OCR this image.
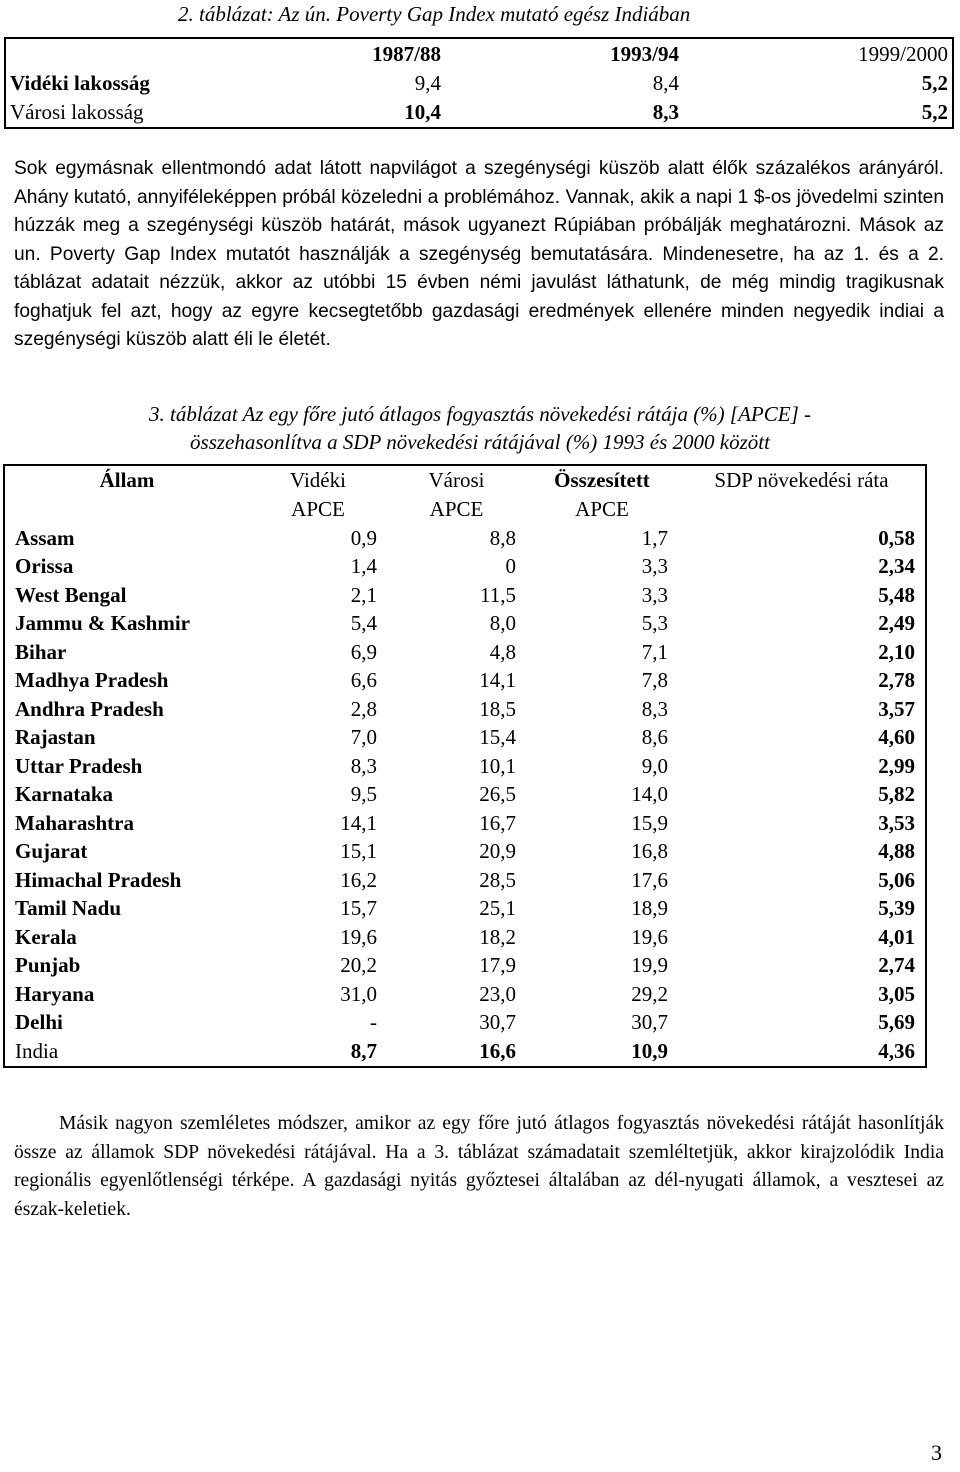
2. táblázat: Az ún. Poverty Gap Index mutató egész Indiában
	1987/88	1993/94	1999/2000
Vidéki lakosság	9,4	8,4	5,2
Városi lakosság	10,4	8,3	5,2
Sok egymásnak ellentmondó adat látott napvilágot a szegénységi küszöb alatt élők százalékos arányáról. Ahány kutató, annyiféleképpen próbál közeledni a problémához. Vannak, akik a napi 1 $-os jövedelmi szinten húzzák meg a szegénységi küszöb határát, mások ugyanezt Rúpiában próbálják meghatározni. Mások az un. Poverty Gap Index mutatót használják a szegénység bemutatására. Mindenesetre, ha az 1. és a 2. táblázat adatait nézzük, akkor az utóbbi 15 évben némi javulást láthatunk, de még mindig tragikusnak foghatjuk fel azt, hogy az egyre kecsegtetőbb gazdasági eredmények ellenére minden negyedik indiai a szegénységi küszöb alatt éli le életét.
3. táblázat Az egy főre jutó átlagos fogyasztás növekedési rátája (%) [APCE] -
összehasonlítva a SDP növekedési rátájával (%) 1993 és 2000 között
Állam	Vidéki	Városi	Összesített	SDP növekedési ráta
	APCE	APCE	APCE	
Assam	0,9	8,8	1,7	0,58
Orissa	1,4	0	3,3	2,34
West Bengal	2,1	11,5	3,3	5,48
Jammu & Kashmir	5,4	8,0	5,3	2,49
Bihar	6,9	4,8	7,1	2,10
Madhya Pradesh	6,6	14,1	7,8	2,78
Andhra Pradesh	2,8	18,5	8,3	3,57
Rajastan	7,0	15,4	8,6	4,60
Uttar Pradesh	8,3	10,1	9,0	2,99
Karnataka	9,5	26,5	14,0	5,82
Maharashtra	14,1	16,7	15,9	3,53
Gujarat	15,1	20,9	16,8	4,88
Himachal Pradesh	16,2	28,5	17,6	5,06
Tamil Nadu	15,7	25,1	18,9	5,39
Kerala	19,6	18,2	19,6	4,01
Punjab	20,2	17,9	19,9	2,74
Haryana	31,0	23,0	29,2	3,05
Delhi	-	30,7	30,7	5,69
India	8,7	16,6	10,9	4,36
Másik nagyon szemléletes módszer, amikor az egy főre jutó átlagos fogyasztás növekedési rátáját hasonlítják össze az államok SDP növekedési rátájával. Ha a 3. táblázat számadatait szemléltetjük, akkor kirajzolódik India regionális egyenlőtlenségi térképe. A gazdasági nyitás győztesei általában az dél-nyugati államok, a vesztesei az észak-keletiek.
3
